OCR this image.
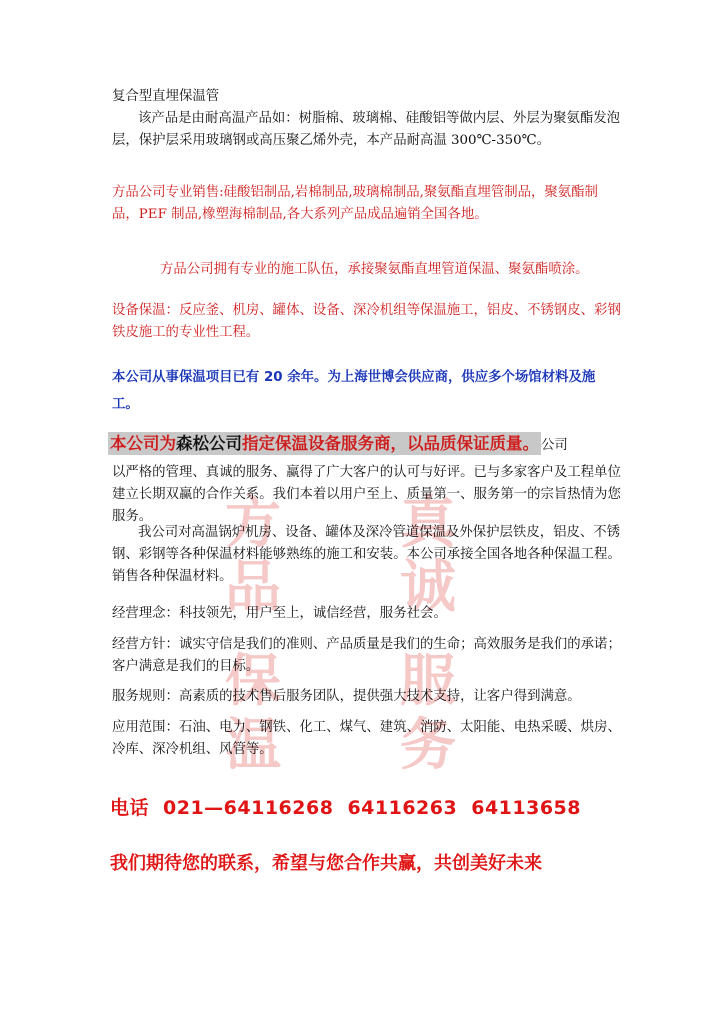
方
品
真
诚
保
温
服
务
复合型直埋保温管
该产品是由耐高温产品如：树脂棉、玻璃棉、硅酸铝等做内层、外层为聚氨酯发泡层，保护层采用玻璃钢或高压聚乙烯外壳，本产品耐高温 300℃-350℃。
方品公司专业销售:硅酸铝制品,岩棉制品,玻璃棉制品,聚氨酯直埋管制品，聚氨酯制品，PEF 制品,橡塑海棉制品,各大系列产品成品遍销全国各地。
方品公司拥有专业的施工队伍，承接聚氨酯直埋管道保温、聚氨酯喷涂。
设备保温：反应釜、机房、罐体、设备、深冷机组等保温施工，铝皮、不锈钢皮、彩钢铁皮施工的专业性工程。
本公司从事保温项目已有 20 余年。为上海世博会供应商，供应多个场馆材料及施工。
本公司为森松公司指定保温设备服务商，以品质保证质量。 公司
以严格的管理、真诚的服务、赢得了广大客户的认可与好评。已与多家客户及工程单位建立长期双赢的合作关系。我们本着以用户至上、质量第一、服务第一的宗旨热情为您服务。
我公司对高温锅炉机房、设备、罐体及深冷管道保温及外保护层铁皮，铝皮、不锈钢、彩钢等各种保温材料能够熟练的施工和安装。本公司承接全国各地各种保温工程。销售各种保温材料。
经营理念：科技领先，用户至上，诚信经营，服务社会。
经营方针：诚实守信是我们的准则、产品质量是我们的生命；高效服务是我们的承诺；客户满意是我们的目标。
服务规则：高素质的技术售后服务团队，提供强大技术支持，让客户得到满意。
应用范围：石油、电力、钢铁、化工、煤气、建筑、消防、太阳能、电热采暖、烘房、冷库、深冷机组、风管等。
电话 021—64116268 64116263 64113658
我们期待您的联系，希望与您合作共赢，共创美好未来
